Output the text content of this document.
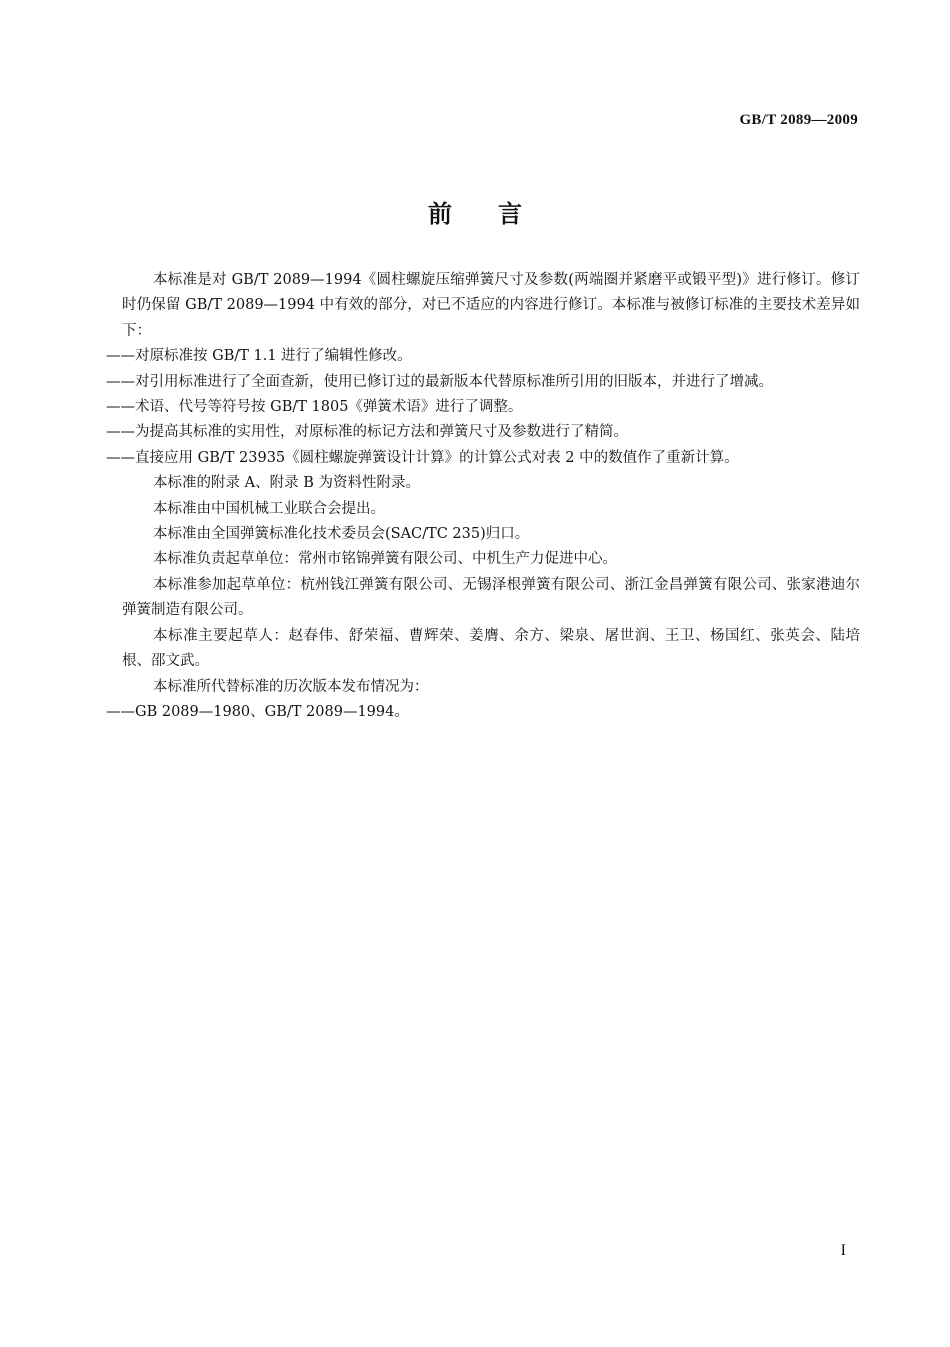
GB/T 2089—2009
前言

本标准是对 GB/T 2089—1994《圆柱螺旋压缩弹簧尺寸及参数(两端圈并紧磨平或锻平型)》进行修订。修订时仍保留 GB/T 2089—1994 中有效的部分，对已不适应的内容进行修订。本标准与被修订标准的主要技术差异如下：

——对原标准按 GB/T 1.1 进行了编辑性修改。

——对引用标准进行了全面查新，使用已修订过的最新版本代替原标准所引用的旧版本，并进行了增减。

——术语、代号等符号按 GB/T 1805《弹簧术语》进行了调整。

——为提高其标准的实用性，对原标准的标记方法和弹簧尺寸及参数进行了精简。

——直接应用 GB/T 23935《圆柱螺旋弹簧设计计算》的计算公式对表 2 中的数值作了重新计算。

本标准的附录 A、附录 B 为资料性附录。

本标准由中国机械工业联合会提出。

本标准由全国弹簧标准化技术委员会(SAC/TC 235)归口。

本标准负责起草单位：常州市铭锦弹簧有限公司、中机生产力促进中心。

本标准参加起草单位：杭州钱江弹簧有限公司、无锡泽根弹簧有限公司、浙江金昌弹簧有限公司、张家港迪尔弹簧制造有限公司。

本标准主要起草人：赵春伟、舒荣福、曹辉荣、姜膺、余方、梁泉、屠世润、王卫、杨国红、张英会、陆培根、邵文武。

本标准所代替标准的历次版本发布情况为：

——GB 2089—1980、GB/T 2089—1994。

I
